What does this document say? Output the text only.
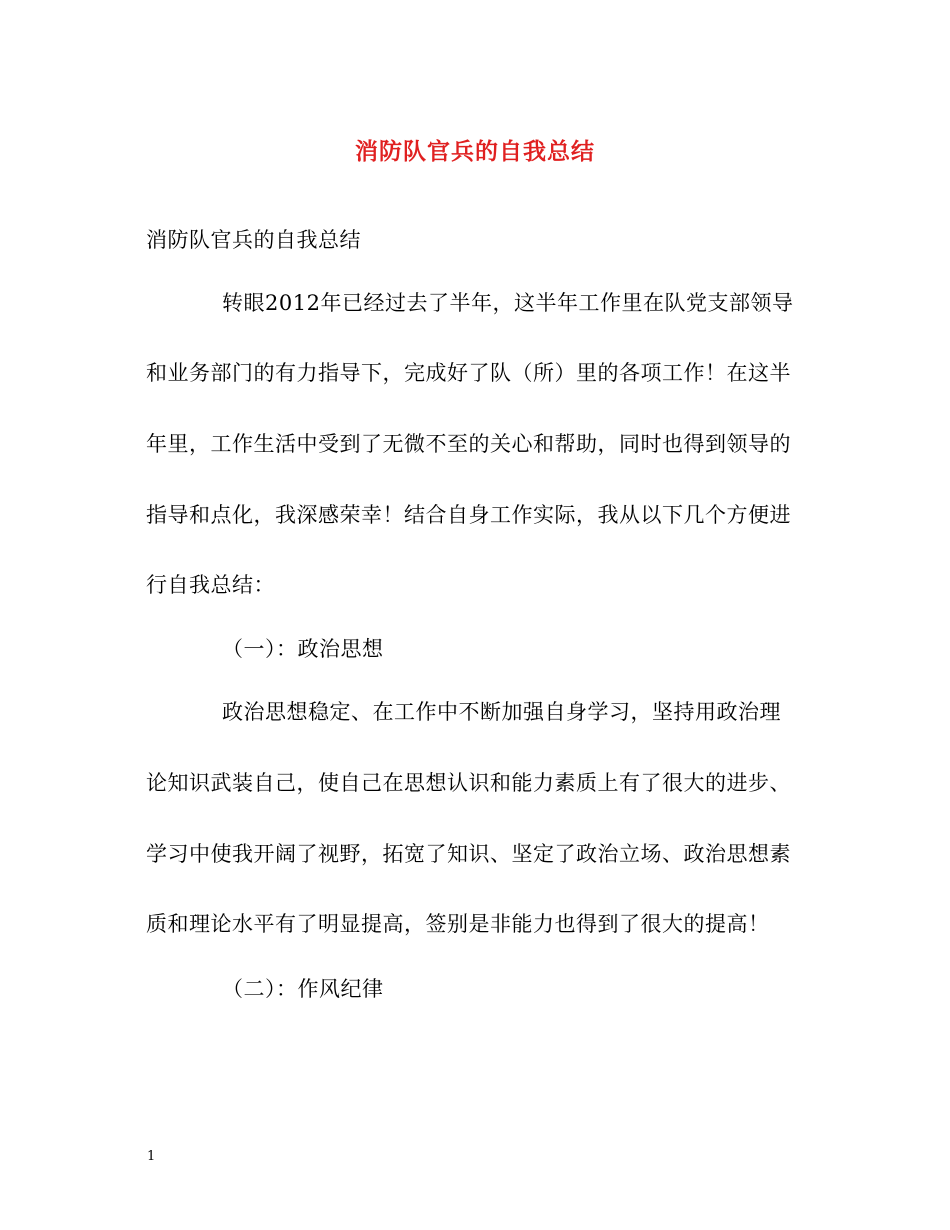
消防队官兵的自我总结
消防队官兵的自我总结
转眼2012年已经过去了半年，这半年工作里在队党支部领导
和业务部门的有力指导下，完成好了队（所）里的各项工作！在这半
年里，工作生活中受到了无微不至的关心和帮助，同时也得到领导的
指导和点化，我深感荣幸！结合自身工作实际，我从以下几个方便进
行自我总结：
（一）：政治思想
政治思想稳定、在工作中不断加强自身学习，坚持用政治理
论知识武装自己，使自己在思想认识和能力素质上有了很大的进步、
学习中使我开阔了视野，拓宽了知识、坚定了政治立场、政治思想素
质和理论水平有了明显提高，签别是非能力也得到了很大的提高！
（二）：作风纪律
1
